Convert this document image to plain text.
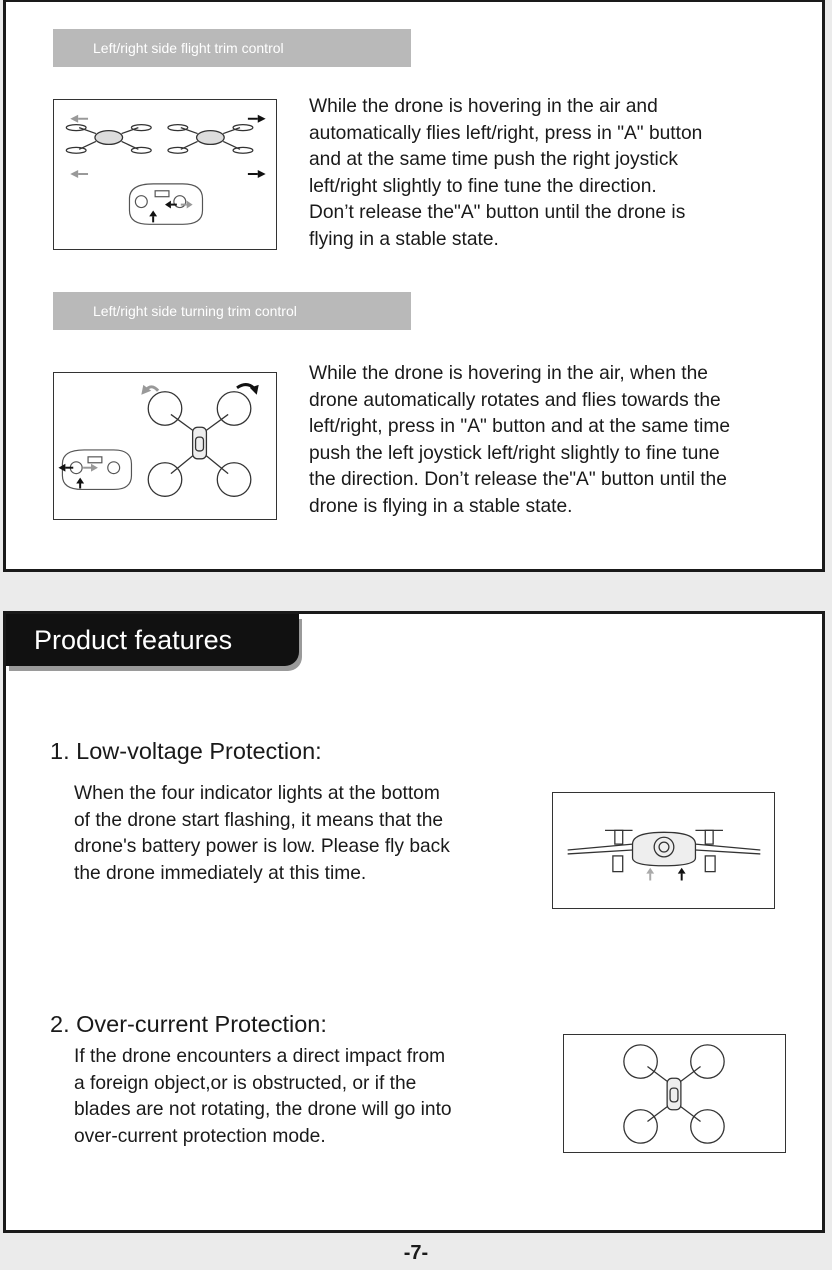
Left/right side flight trim control
While the drone is hovering in the air and
automatically flies left/right, press in "A" button
and at the same time push the right joystick
left/right slightly to fine tune the direction.
Don’t release the"A" button until the drone is
flying in a stable state.
Left/right side turning trim control
While the drone is hovering in the air, when the
drone automatically rotates and flies towards the
left/right, press in "A" button and at the same time
push the left joystick left/right slightly to fine tune
the direction. Don’t release the"A" button until the
drone is flying in a stable state.
Product features
1. Low-voltage Protection:
When the four indicator lights at the bottom
of the drone start flashing, it means that the
drone's battery power is low. Please fly back
the drone immediately at this time.
2. Over-current Protection:
If the drone encounters a direct impact from
a foreign object,or is obstructed, or if the
blades are not rotating, the drone will go into
over-current protection mode.
-7-
